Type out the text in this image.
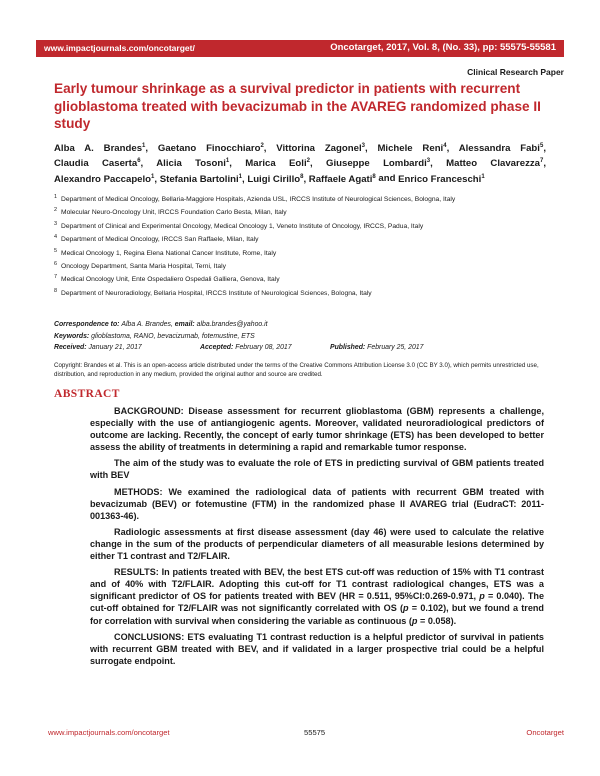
www.impactjournals.com/oncotarget/	Oncotarget, 2017, Vol. 8, (No. 33), pp: 55575-55581
Clinical Research Paper
Early tumour shrinkage as a survival predictor in patients with recurrent glioblastoma treated with bevacizumab in the AVAREG randomized phase II study
Alba A. Brandes$^1$, Gaetano Finocchiaro$^2$, Vittorina Zagonel$^3$, Michele Reni$^4$, Alessandra Fabi$^5$, Claudia Caserta$^6$, Alicia Tosoni$^1$, Marica Eoli$^2$, Giuseppe Lombardi$^3$, Matteo Clavarezza$^7$, Alexandro Paccapelo$^1$, Stefania Bartolini$^1$, Luigi Cirillo$^8$, Raffaele Agati$^8$ and Enrico Franceschi$^1$
1 Department of Medical Oncology, Bellaria-Maggiore Hospitals, Azienda USL, IRCCS Institute of Neurological Sciences, Bologna, Italy
2 Molecular Neuro-Oncology Unit, IRCCS Foundation Carlo Besta, Milan, Italy
3 Department of Clinical and Experimental Oncology, Medical Oncology 1, Veneto Institute of Oncology, IRCCS, Padua, Italy
4 Department of Medical Oncology, IRCCS San Raffaele, Milan, Italy
5 Medical Oncology 1, Regina Elena National Cancer Institute, Rome, Italy
6 Oncology Department, Santa Maria Hospital, Terni, Italy
7 Medical Oncology Unit, Ente Ospedaliero Ospedali Galliera, Genova, Italy
8 Department of Neuroradiology, Bellaria Hospital, IRCCS Institute of Neurological Sciences, Bologna, Italy
Correspondence to: Alba A. Brandes, email: alba.brandes@yahoo.it
Keywords: glioblastoma, RANO, bevacizumab, fotemustine, ETS
Received: January 21, 2017	Accepted: February 08, 2017	Published: February 25, 2017
Copyright: Brandes et al. This is an open-access article distributed under the terms of the Creative Commons Attribution License 3.0 (CC BY 3.0), which permits unrestricted use, distribution, and reproduction in any medium, provided the original author and source are credited.
ABSTRACT

BACKGROUND: Disease assessment for recurrent glioblastoma (GBM) represents a challenge, especially with the use of antiangiogenic agents. Moreover, validated neuroradiological predictors of outcome are lacking. Recently, the concept of early tumor shrinkage (ETS) has been developed to better assess the ability of treatments in determining a rapid and remarkable tumor response.

The aim of the study was to evaluate the role of ETS in predicting survival of GBM patients treated with BEV

METHODS: We examined the radiological data of patients with recurrent GBM treated with bevacizumab (BEV) or fotemustine (FTM) in the randomized phase II AVAREG trial (EudraCT: 2011-001363-46).

Radiologic assessments at first disease assessment (day 46) were used to calculate the relative change in the sum of the products of perpendicular diameters of all measurable lesions determined by either T1 contrast and T2/FLAIR.

RESULTS: In patients treated with BEV, the best ETS cut-off was reduction of 15% with T1 contrast and of 40% with T2/FLAIR. Adopting this cut-off for T1 contrast radiological changes, ETS was a significant predictor of OS for patients treated with BEV (HR = 0.511, 95%CI:0.269-0.971, p = 0.040). The cut-off obtained for T2/FLAIR was not significantly correlated with OS (p = 0.102), but we found a trend for correlation with survival when considering the variable as continuous (p = 0.058).

CONCLUSIONS: ETS evaluating T1 contrast reduction is a helpful predictor of survival in patients with recurrent GBM treated with BEV, and if validated in a larger prospective trial could be a helpful surrogate endpoint.

www.impactjournals.com/oncotarget	55575	Oncotarget
